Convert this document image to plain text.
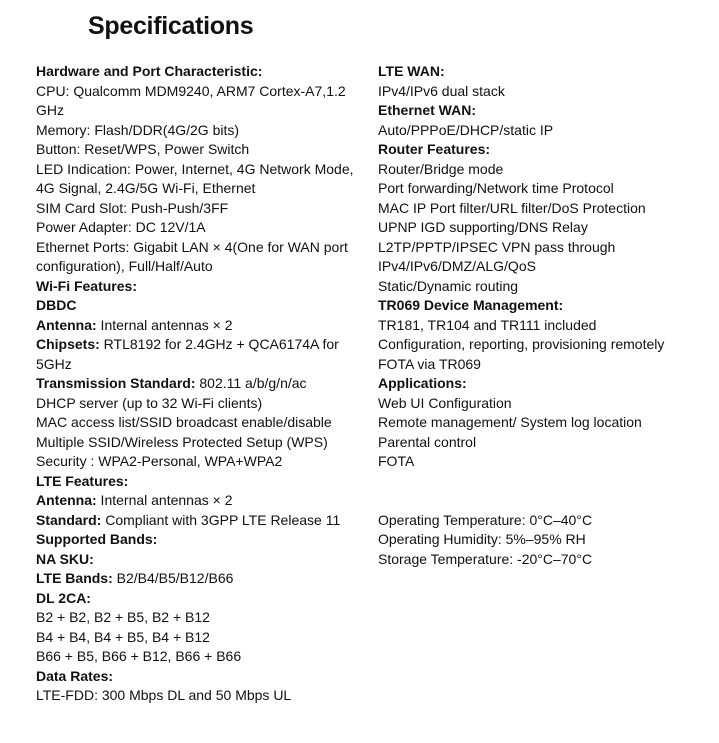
Specifications
Hardware and Port Characteristic:
CPU: Qualcomm MDM9240, ARM7 Cortex-A7,1.2
GHz
Memory: Flash/DDR(4G/2G bits)
Button: Reset/WPS, Power Switch
LED Indication: Power, Internet, 4G Network Mode,
4G Signal, 2.4G/5G Wi-Fi, Ethernet
SIM Card Slot: Push-Push/3FF
Power Adapter: DC 12V/1A
Ethernet Ports: Gigabit LAN × 4(One for WAN port
configuration), Full/Half/Auto
Wi-Fi Features:
DBDC
Antenna: Internal antennas × 2
Chipsets: RTL8192 for 2.4GHz + QCA6174A for
5GHz
Transmission Standard: 802.11 a/b/g/n/ac
DHCP server (up to 32 Wi-Fi clients)
MAC access list/SSID broadcast enable/disable
Multiple SSID/Wireless Protected Setup (WPS)
Security : WPA2-Personal, WPA+WPA2
LTE Features:
Antenna: Internal antennas × 2
Standard: Compliant with 3GPP LTE Release 11
Supported Bands:
NA SKU:
LTE Bands: B2/B4/B5/B12/B66
DL 2CA:
B2 + B2, B2 + B5, B2 + B12
B4 + B4, B4 + B5, B4 + B12
B66 + B5, B66 + B12, B66 + B66
Data Rates:
LTE-FDD: 300 Mbps DL and 50 Mbps UL
LTE WAN:
IPv4/IPv6 dual stack
Ethernet WAN:
Auto/PPPoE/DHCP/static IP
Router Features:
Router/Bridge mode
Port forwarding/Network time Protocol
MAC IP Port filter/URL filter/DoS Protection
UPNP IGD supporting/DNS Relay
L2TP/PPTP/IPSEC VPN pass through
IPv4/IPv6/DMZ/ALG/QoS
Static/Dynamic routing
TR069 Device Management:
TR181, TR104 and TR111 included
Configuration, reporting, provisioning remotely
FOTA via TR069
Applications:
Web UI Configuration
Remote management/ System log location
Parental control
FOTA
Operating Temperature: 0°C–40°C
Operating Humidity: 5%–95% RH
Storage Temperature: -20°C–70°C
